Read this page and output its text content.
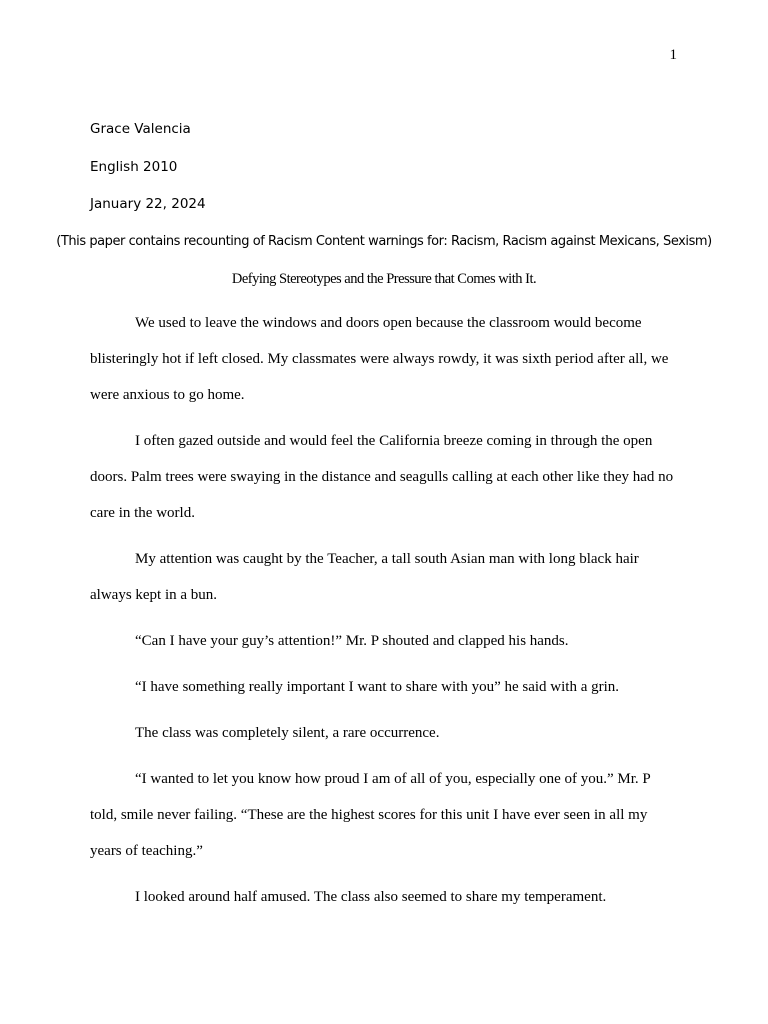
1
Grace Valencia
English 2010
January 22, 2024
(This paper contains recounting of Racism Content warnings for: Racism, Racism against Mexicans, Sexism)
Defying Stereotypes and the Pressure that Comes with It.

We used to leave the windows and doors open because the classroom would become blisteringly hot if left closed. My classmates were always rowdy, it was sixth period after all, we were anxious to go home.

I often gazed outside and would feel the California breeze coming in through the open doors. Palm trees were swaying in the distance and seagulls calling at each other like they had no care in the world.

My attention was caught by the Teacher, a tall south Asian man with long black hair always kept in a bun.

“Can I have your guy’s attention!” Mr. P shouted and clapped his hands.

“I have something really important I want to share with you” he said with a grin.

The class was completely silent, a rare occurrence.

“I wanted to let you know how proud I am of all of you, especially one of you.” Mr. P told, smile never failing. “These are the highest scores for this unit I have ever seen in all my years of teaching.”

I looked around half amused. The class also seemed to share my temperament.
